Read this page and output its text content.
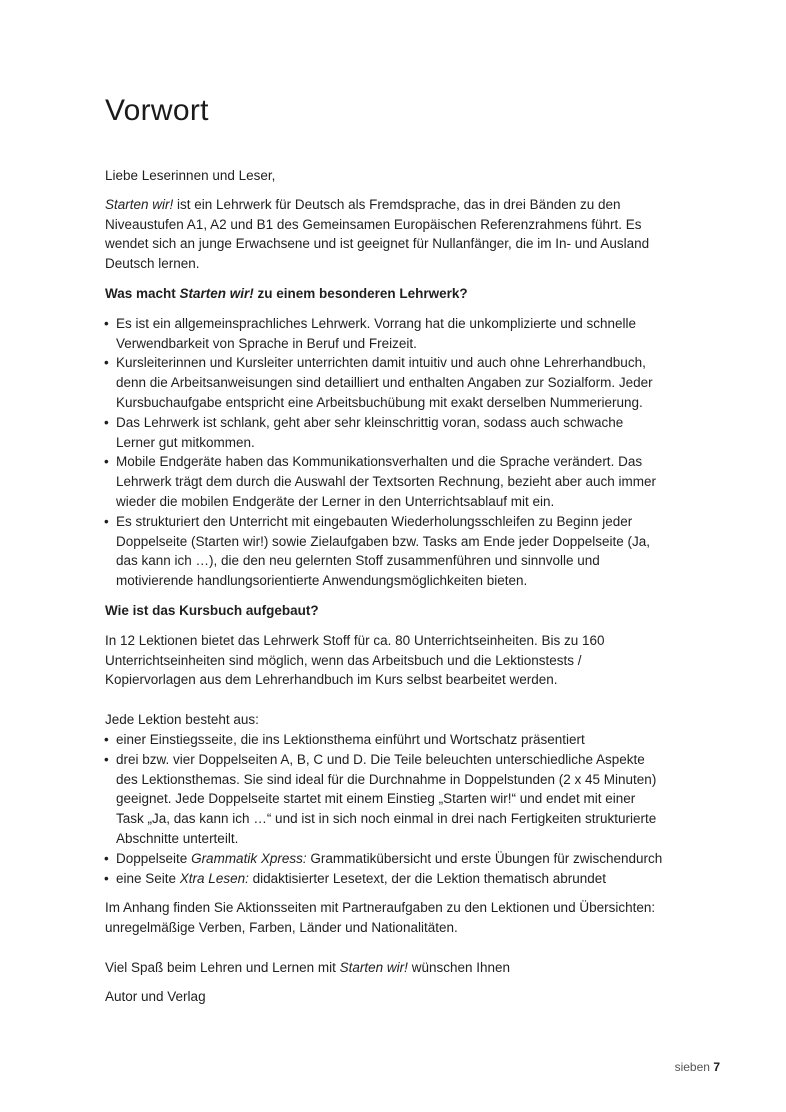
Vorwort

Liebe Leserinnen und Leser,

Starten wir! ist ein Lehrwerk für Deutsch als Fremdsprache, das in drei Bänden zu den Niveaustufen A1, A2 und B1 des Gemeinsamen Europäischen Referenzrahmens führt. Es wendet sich an junge Erwachsene und ist geeignet für Nullanfänger, die im In- und Ausland Deutsch lernen.

Was macht Starten wir! zu einem besonderen Lehrwerk?

• Es ist ein allgemeinsprachliches Lehrwerk. Vorrang hat die unkomplizierte und schnelle Verwendbarkeit von Sprache in Beruf und Freizeit.
• Kursleiterinnen und Kursleiter unterrichten damit intuitiv und auch ohne Lehrerhandbuch, denn die Arbeitsanweisungen sind detailliert und enthalten Angaben zur Sozialform. Jeder Kursbuchaufgabe entspricht eine Arbeitsbuchübung mit exakt derselben Nummerierung.
• Das Lehrwerk ist schlank, geht aber sehr kleinschrittig voran, sodass auch schwache Lerner gut mitkommen.
• Mobile Endgeräte haben das Kommunikationsverhalten und die Sprache verändert. Das Lehrwerk trägt dem durch die Auswahl der Textsorten Rechnung, bezieht aber auch immer wieder die mobilen Endgeräte der Lerner in den Unterrichtsablauf mit ein.
• Es strukturiert den Unterricht mit eingebauten Wiederholungsschleifen zu Beginn jeder Doppelseite (Starten wir!) sowie Zielaufgaben bzw. Tasks am Ende jeder Doppelseite (Ja, das kann ich …), die den neu gelernten Stoff zusammenführen und sinnvolle und motivierende handlungsorientierte Anwendungsmöglichkeiten bieten.

Wie ist das Kursbuch aufgebaut?

In 12 Lektionen bietet das Lehrwerk Stoff für ca. 80 Unterrichtseinheiten. Bis zu 160 Unterrichtseinheiten sind möglich, wenn das Arbeitsbuch und die Lektionstests / Kopiervorlagen aus dem Lehrerhandbuch im Kurs selbst bearbeitet werden.

Jede Lektion besteht aus:

• einer Einstiegsseite, die ins Lektionsthema einführt und Wortschatz präsentiert
• drei bzw. vier Doppelseiten A, B, C und D. Die Teile beleuchten unterschiedliche Aspekte des Lektionsthemas. Sie sind ideal für die Durchnahme in Doppelstunden (2 x 45 Minuten) geeignet. Jede Doppelseite startet mit einem Einstieg „Starten wir!“ und endet mit einer Task „Ja, das kann ich …“ und ist in sich noch einmal in drei nach Fertigkeiten strukturierte Abschnitte unterteilt.
• Doppelseite Grammatik Xpress: Grammatikübersicht und erste Übungen für zwischendurch
• eine Seite Xtra Lesen: didaktisierter Lesetext, der die Lektion thematisch abrundet

Im Anhang finden Sie Aktionsseiten mit Partneraufgaben zu den Lektionen und Übersichten: unregelmäßige Verben, Farben, Länder und Nationalitäten.

Viel Spaß beim Lehren und Lernen mit Starten wir! wünschen Ihnen

Autor und Verlag

sieben 7
